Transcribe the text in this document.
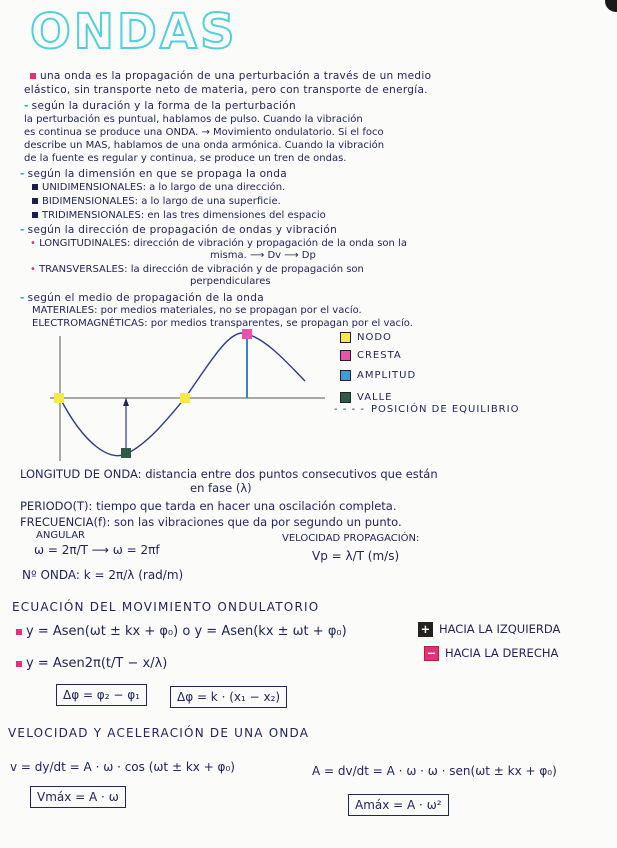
ONDAS
una onda es la propagación de una perturbación a través de un medio
elástico, sin transporte neto de materia, pero con transporte de energía.
- según la duración y la forma de la perturbación
la perturbación es puntual, hablamos de pulso. Cuando la vibración
es continua se produce una ONDA. → Movimiento ondulatorio. Si el foco
describe un MAS, hablamos de una onda armónica. Cuando la vibración
de la fuente es regular y continua, se produce un tren de ondas.
- según la dimensión en que se propaga la onda
UNIDIMENSIONALES: a lo largo de una dirección.
BIDIMENSIONALES: a lo largo de una superficie.
TRIDIMENSIONALES: en las tres dimensiones del espacio
- según la dirección de propagación de ondas y vibración
• LONGITUDINALES: dirección de vibración y propagación de la onda son la
misma. ⟶ Dv ⟶ Dp
• TRANSVERSALES: la dirección de vibración y de propagación son
perpendiculares
- según el medio de propagación de la onda
MATERIALES: por medios materiales, no se propagan por el vacío.
ELECTROMAGNÉTICAS: por medios transparentes, se propagan por el vacío.
NODO
CRESTA
AMPLITUD
VALLE
- - - - POSICIÓN DE EQUILIBRIO
LONGITUD DE ONDA: distancia entre dos puntos consecutivos que están
en fase (λ)
PERIODO(T): tiempo que tarda en hacer una oscilación completa.
FRECUENCIA(f): son las vibraciones que da por segundo un punto.
ANGULAR
ω = 2π/T ⟶ ω = 2πf
VELOCIDAD PROPAGACIÓN:
Vp = λ/T (m/s)
Nº ONDA: k = 2π/λ (rad/m)
ECUACIÓN DEL MOVIMIENTO ONDULATORIO
y = Asen(ωt ± kx + φ₀) o y = Asen(kx ± ωt + φ₀)
y = Asen2π(t/T − x/λ)
+ HACIA LA IZQUIERDA
− HACIA LA DERECHA
Δφ = φ₂ − φ₁	Δφ = k · (x₁ − x₂)
VELOCIDAD Y ACELERACIÓN DE UNA ONDA
v = dy/dt = A · ω · cos (ωt ± kx + φ₀)
Vmáx = A · ω
A = dv/dt = A · ω · ω · sen(ωt ± kx + φ₀)
Amáx = A · ω²
